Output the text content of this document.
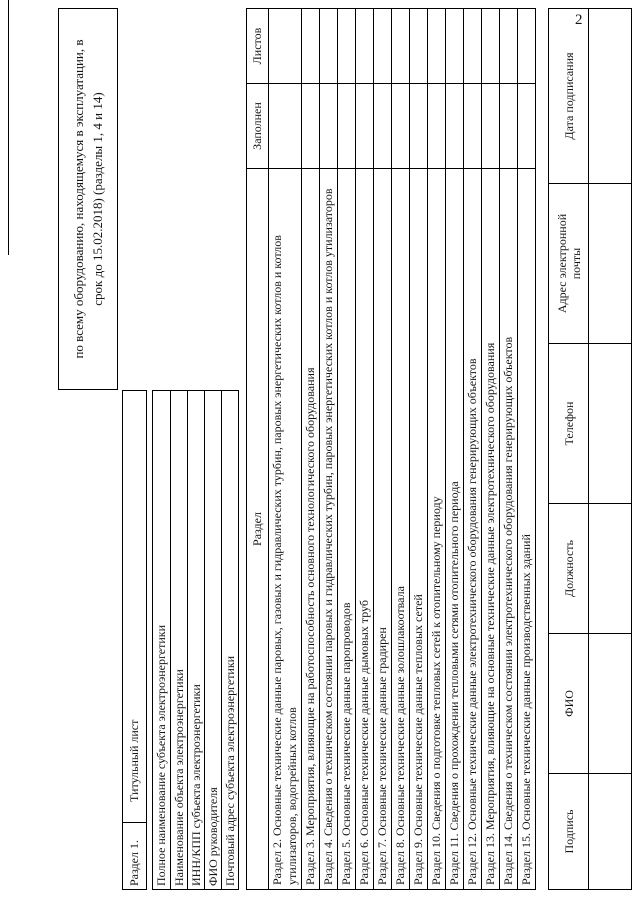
2
по всему оборудованию, находящемуся в эксплуатации, в срок до 15.02.2018) (разделы 1, 4 и 14)
Раздел 1.
Титульный лист	Полное наименование субъекта электроэнергетики Наименование объекта электроэнергетики ИНН/КПП субъекта электроэнергетики ФИО руководителя Почтовый адрес субъекта электроэнергетики
Раздел
Заполнен
Листов
Раздел 2. Основные технические данные паровых, газовых и гидравлических турбин, паровых энергетических котлов и котлов утилизаторов, водогрейных котлов Раздел 3. Мероприятия, влияющие на работоспособность основного технологического оборудования Раздел 4. Сведения о техническом состоянии паровых и гидравлических турбин, паровых энергетических котлов и котлов утилизаторов Раздел 5. Основные технические данные паропроводов Раздел 6. Основные технические данные дымовых труб Раздел 7. Основные технические данные градирен Раздел 8. Основные технические данные золошлакоотвала Раздел 9. Основные технические данные тепловых сетей Раздел 10. Сведения о подготовке тепловых сетей к отопительному периоду Раздел 11. Сведения о прохождении тепловыми сетями отопительного периода Раздел 12. Основные технические данные электротехнического оборудования генерирующих объектов Раздел 13. Мероприятия, влияющие на основные технические данные электротехнического оборудования Раздел 14. Сведения о техническом состоянии электротехнического оборудования генерирующих объектов Раздел 15. Основные технические данные производственных зданий	Подпись
ФИО
Должность
Телефон
Адрес электронной почты
Дата подписания
